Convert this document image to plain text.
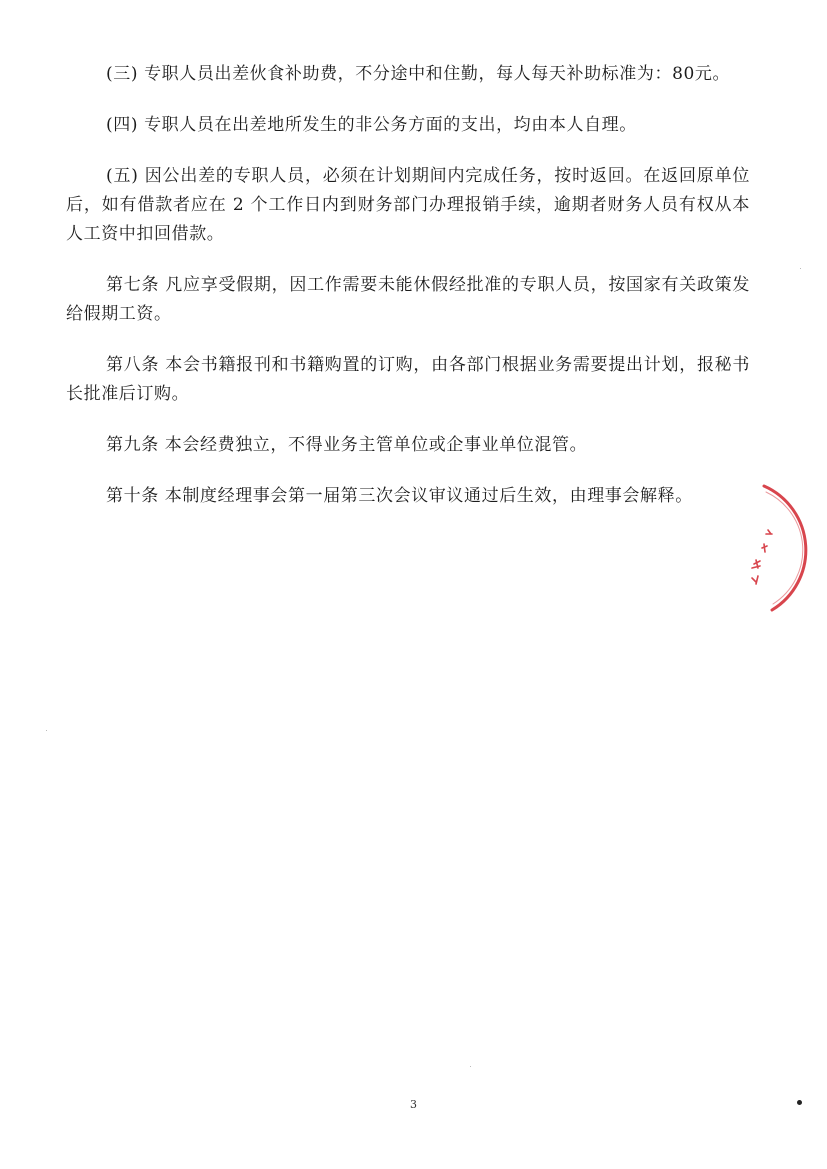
(三) 专职人员出差伙食补助费，不分途中和住勤，每人每天补助标准为：80元。

(四) 专职人员在出差地所发生的非公务方面的支出，均由本人自理。

(五) 因公出差的专职人员，必须在计划期间内完成任务，按时返回。在返回原单位后，如有借款者应在 2 个工作日内到财务部门办理报销手续，逾期者财务人员有权从本人工资中扣回借款。

第七条 凡应享受假期，因工作需要未能休假经批准的专职人员，按国家有关政策发给假期工资。

第八条 本会书籍报刊和书籍购置的订购，由各部门根据业务需要提出计划，报秘书长批准后订购。

第九条 本会经费独立，不得业务主管单位或企事业单位混管。

第十条 本制度经理事会第一届第三次会议审议通过后生效，由理事会解释。

3
